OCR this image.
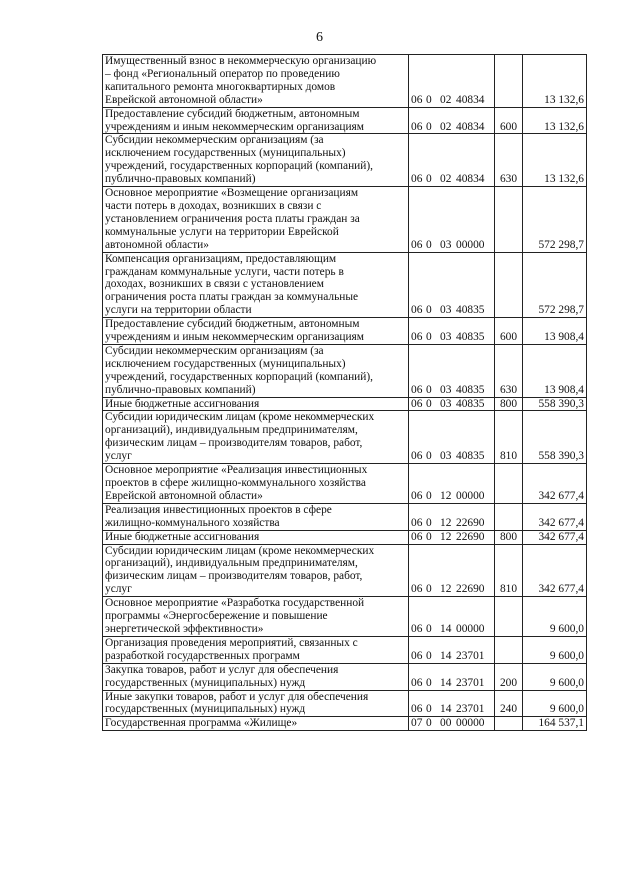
6
Имущественный взнос в некоммерческую организацию
– фонд «Региональный оператор по проведению
капитального ремонта многоквартирных домов
Еврейской автономной области»	06 0 02 40834		13 132,6

Предоставление субсидий бюджетным, автономным
учреждениям и иным некоммерческим организациям	06 0 02 40834	600	13 132,6

Субсидии некоммерческим организациям (за
исключением государственных (муниципальных)
учреждений, государственных корпораций (компаний),
публично-правовых компаний)	06 0 02 40834	630	13 132,6

Основное мероприятие «Возмещение организациям
части потерь в доходах, возникших в связи с
установлением ограничения роста платы граждан за
коммунальные услуги на территории Еврейской
автономной области»	06 0 03 00000		572 298,7

Компенсация организациям, предоставляющим
гражданам коммунальные услуги, части потерь в
доходах, возникших в связи с установлением
ограничения роста платы граждан за коммунальные
услуги на территории области	06 0 03 40835		572 298,7

Предоставление субсидий бюджетным, автономным
учреждениям и иным некоммерческим организациям	06 0 03 40835	600	13 908,4

Субсидии некоммерческим организациям (за
исключением государственных (муниципальных)
учреждений, государственных корпораций (компаний),
публично-правовых компаний)	06 0 03 40835	630	13 908,4

Иные бюджетные ассигнования	06 0 03 40835	800	558 390,3

Субсидии юридическим лицам (кроме некоммерческих
организаций), индивидуальным предпринимателям,
физическим лицам – производителям товаров, работ,
услуг	06 0 03 40835	810	558 390,3

Основное мероприятие «Реализация инвестиционных
проектов в сфере жилищно-коммунального хозяйства
Еврейской автономной области»	06 0 12 00000		342 677,4

Реализация инвестиционных проектов в сфере
жилищно-коммунального хозяйства	06 0 12 22690		342 677,4

Иные бюджетные ассигнования	06 0 12 22690	800	342 677,4

Субсидии юридическим лицам (кроме некоммерческих
организаций), индивидуальным предпринимателям,
физическим лицам – производителям товаров, работ,
услуг	06 0 12 22690	810	342 677,4

Основное мероприятие «Разработка государственной
программы «Энергосбережение и повышение
энергетической эффективности»	06 0 14 00000		9 600,0

Организация проведения мероприятий, связанных с
разработкой государственных программ	06 0 14 23701		9 600,0

Закупка товаров, работ и услуг для обеспечения
государственных (муниципальных) нужд	06 0 14 23701	200	9 600,0

Иные закупки товаров, работ и услуг для обеспечения
государственных (муниципальных) нужд	06 0 14 23701	240	9 600,0

Государственная программа «Жилище»	07 0 00 00000		164 537,1
